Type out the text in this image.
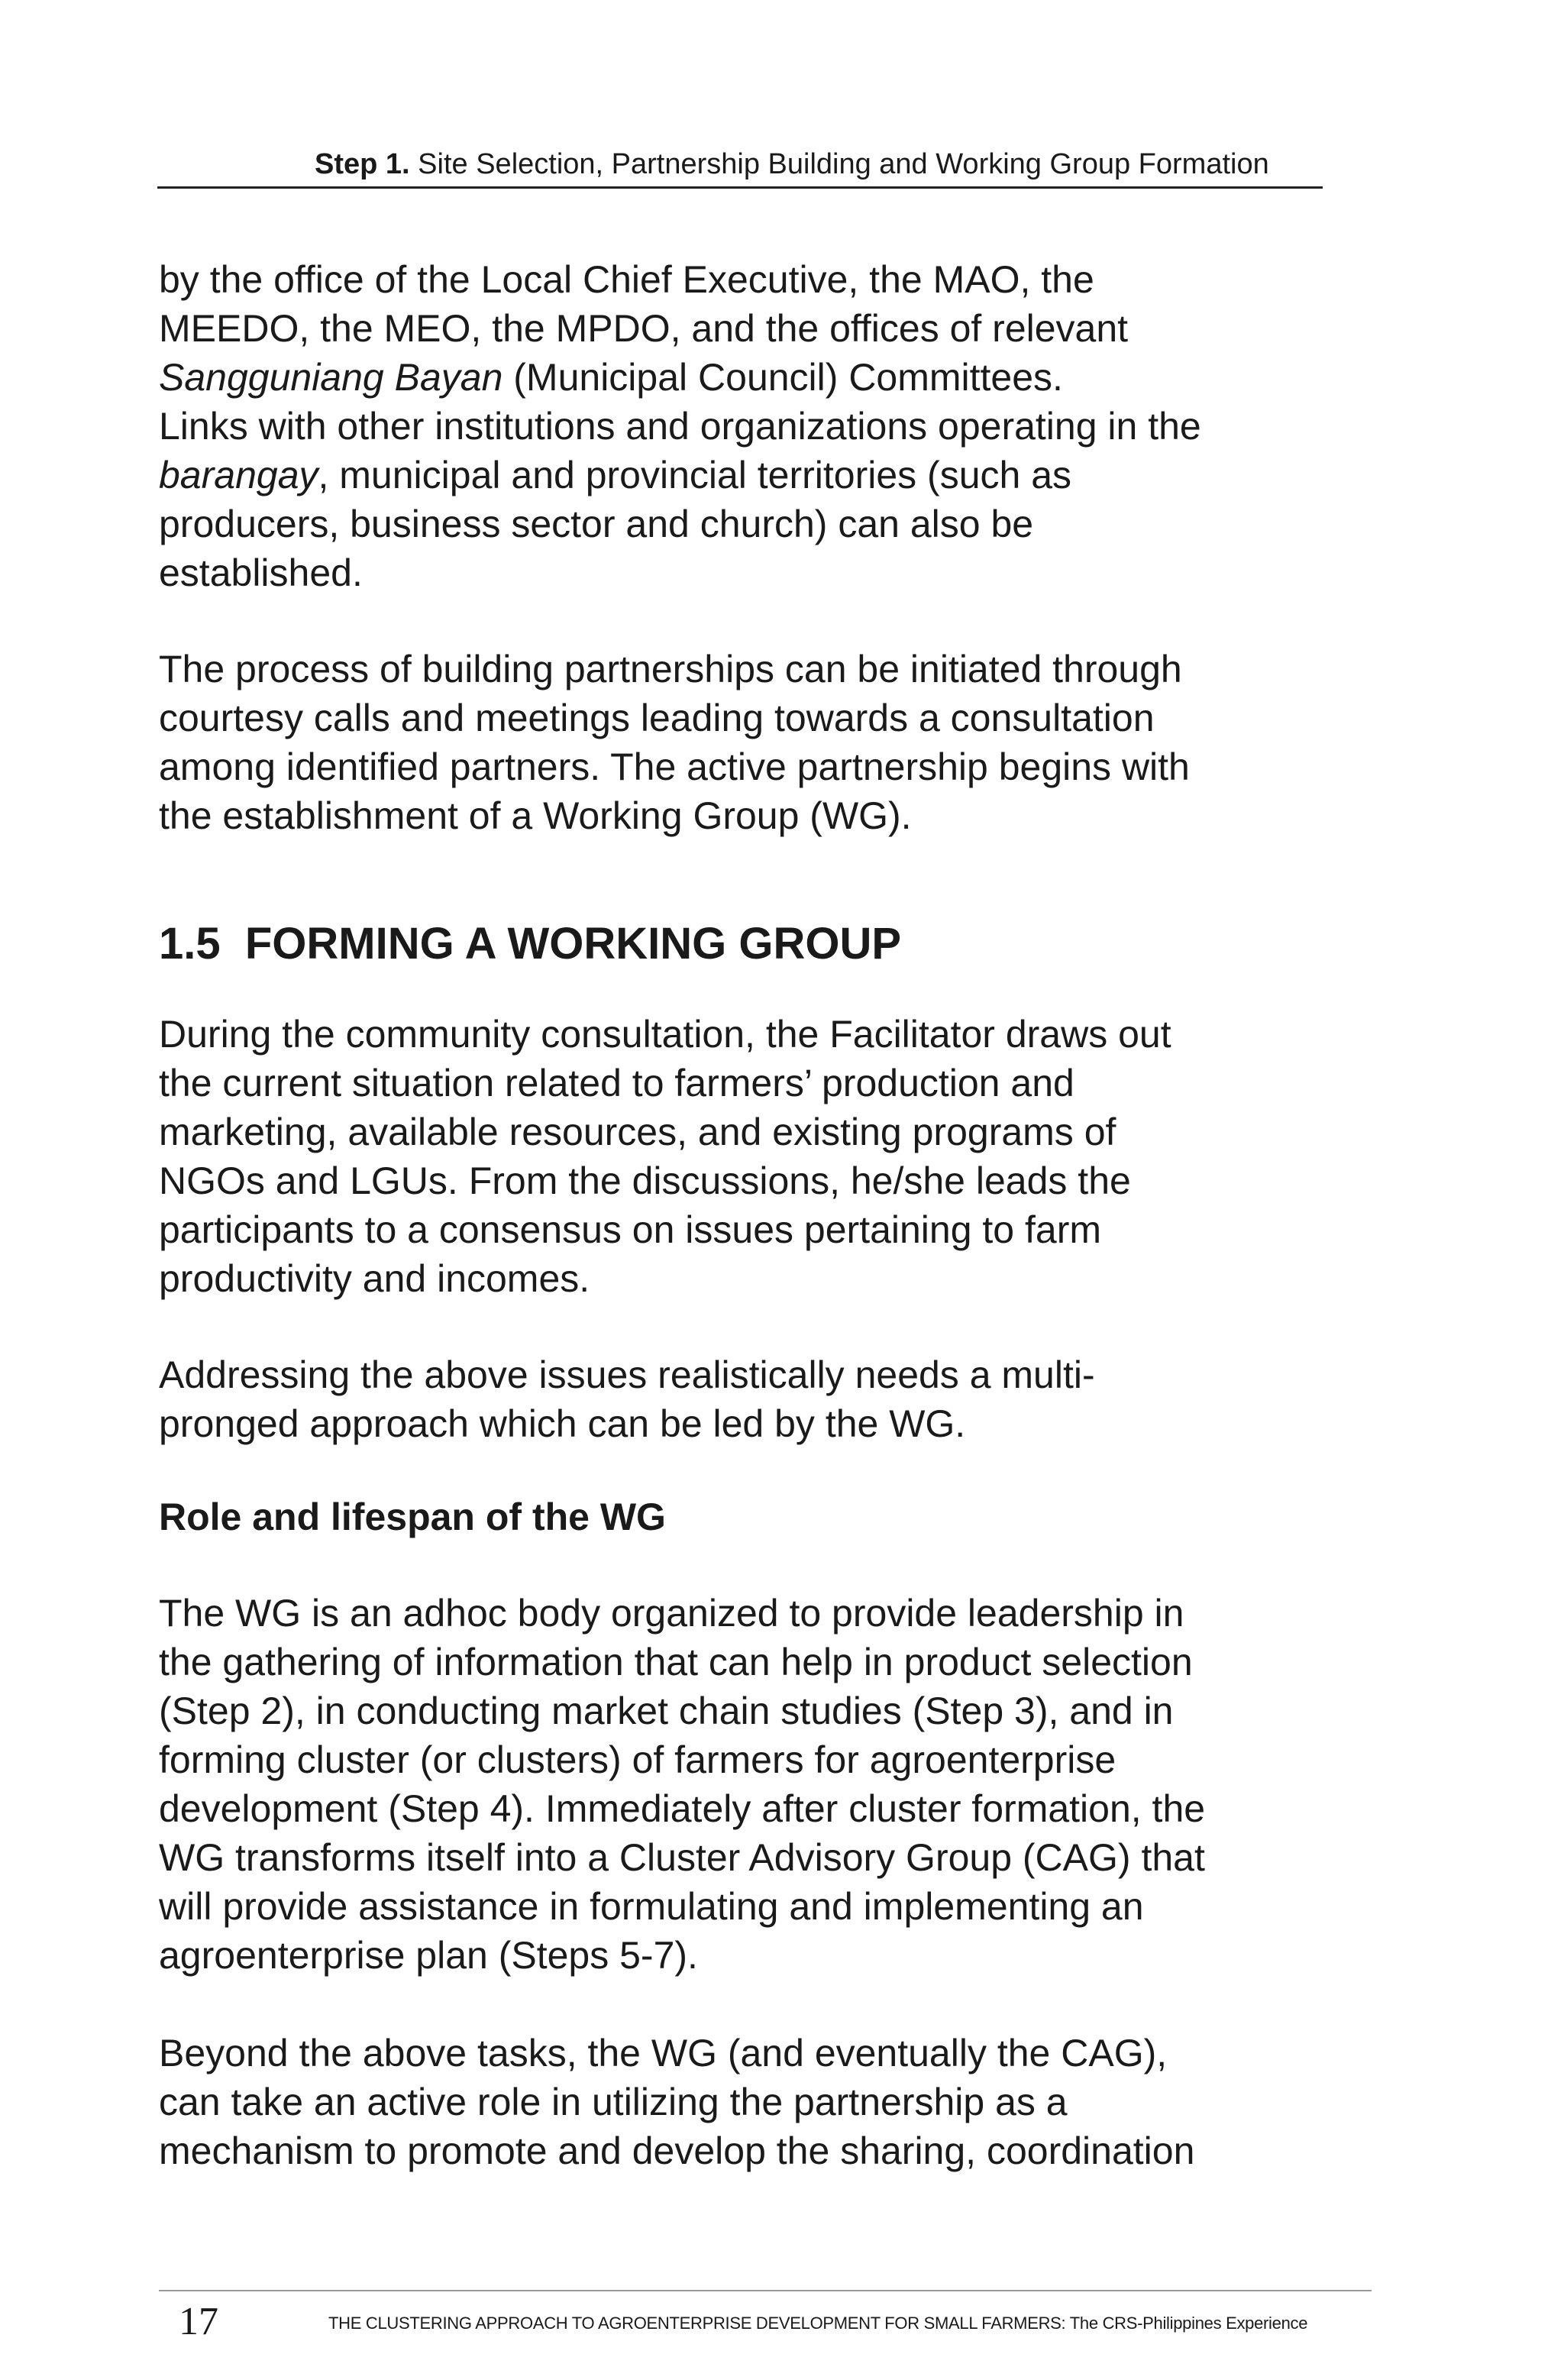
Step 1. Site Selection, Partnership Building and Working Group Formation

by the office of the Local Chief Executive, the MAO, the

MEEDO, the MEO, the MPDO, and the offices of relevant

Sangguniang Bayan (Municipal Council) Committees.

Links with other institutions and organizations operating in the

barangay, municipal and provincial territories (such as

producers, business sector and church) can also be

established.

The process of building partnerships can be initiated through

courtesy calls and meetings leading towards a consultation

among identified partners. The active partnership begins with

the establishment of a Working Group (WG).

1.5  FORMING A WORKING GROUP

During the community consultation, the Facilitator draws out

the current situation related to farmers’ production and

marketing, available resources, and existing programs of

NGOs and LGUs. From the discussions, he/she leads the

participants to a consensus on issues pertaining to farm

productivity and incomes.

Addressing the above issues realistically needs a multi-

pronged approach which can be led by the WG.

Role and lifespan of the WG

The WG is an adhoc body organized to provide leadership in

the gathering of information that can help in product selection

(Step 2), in conducting market chain studies (Step 3), and in

forming cluster (or clusters) of farmers for agroenterprise

development (Step 4). Immediately after cluster formation, the

WG transforms itself into a Cluster Advisory Group (CAG) that

will provide assistance in formulating and implementing an

agroenterprise plan (Steps 5-7).

Beyond the above tasks, the WG (and eventually the CAG),

can take an active role in utilizing the partnership as a

mechanism to promote and develop the sharing, coordination

17	THE CLUSTERING APPROACH TO AGROENTERPRISE DEVELOPMENT FOR SMALL FARMERS: The CRS-Philippines Experience
